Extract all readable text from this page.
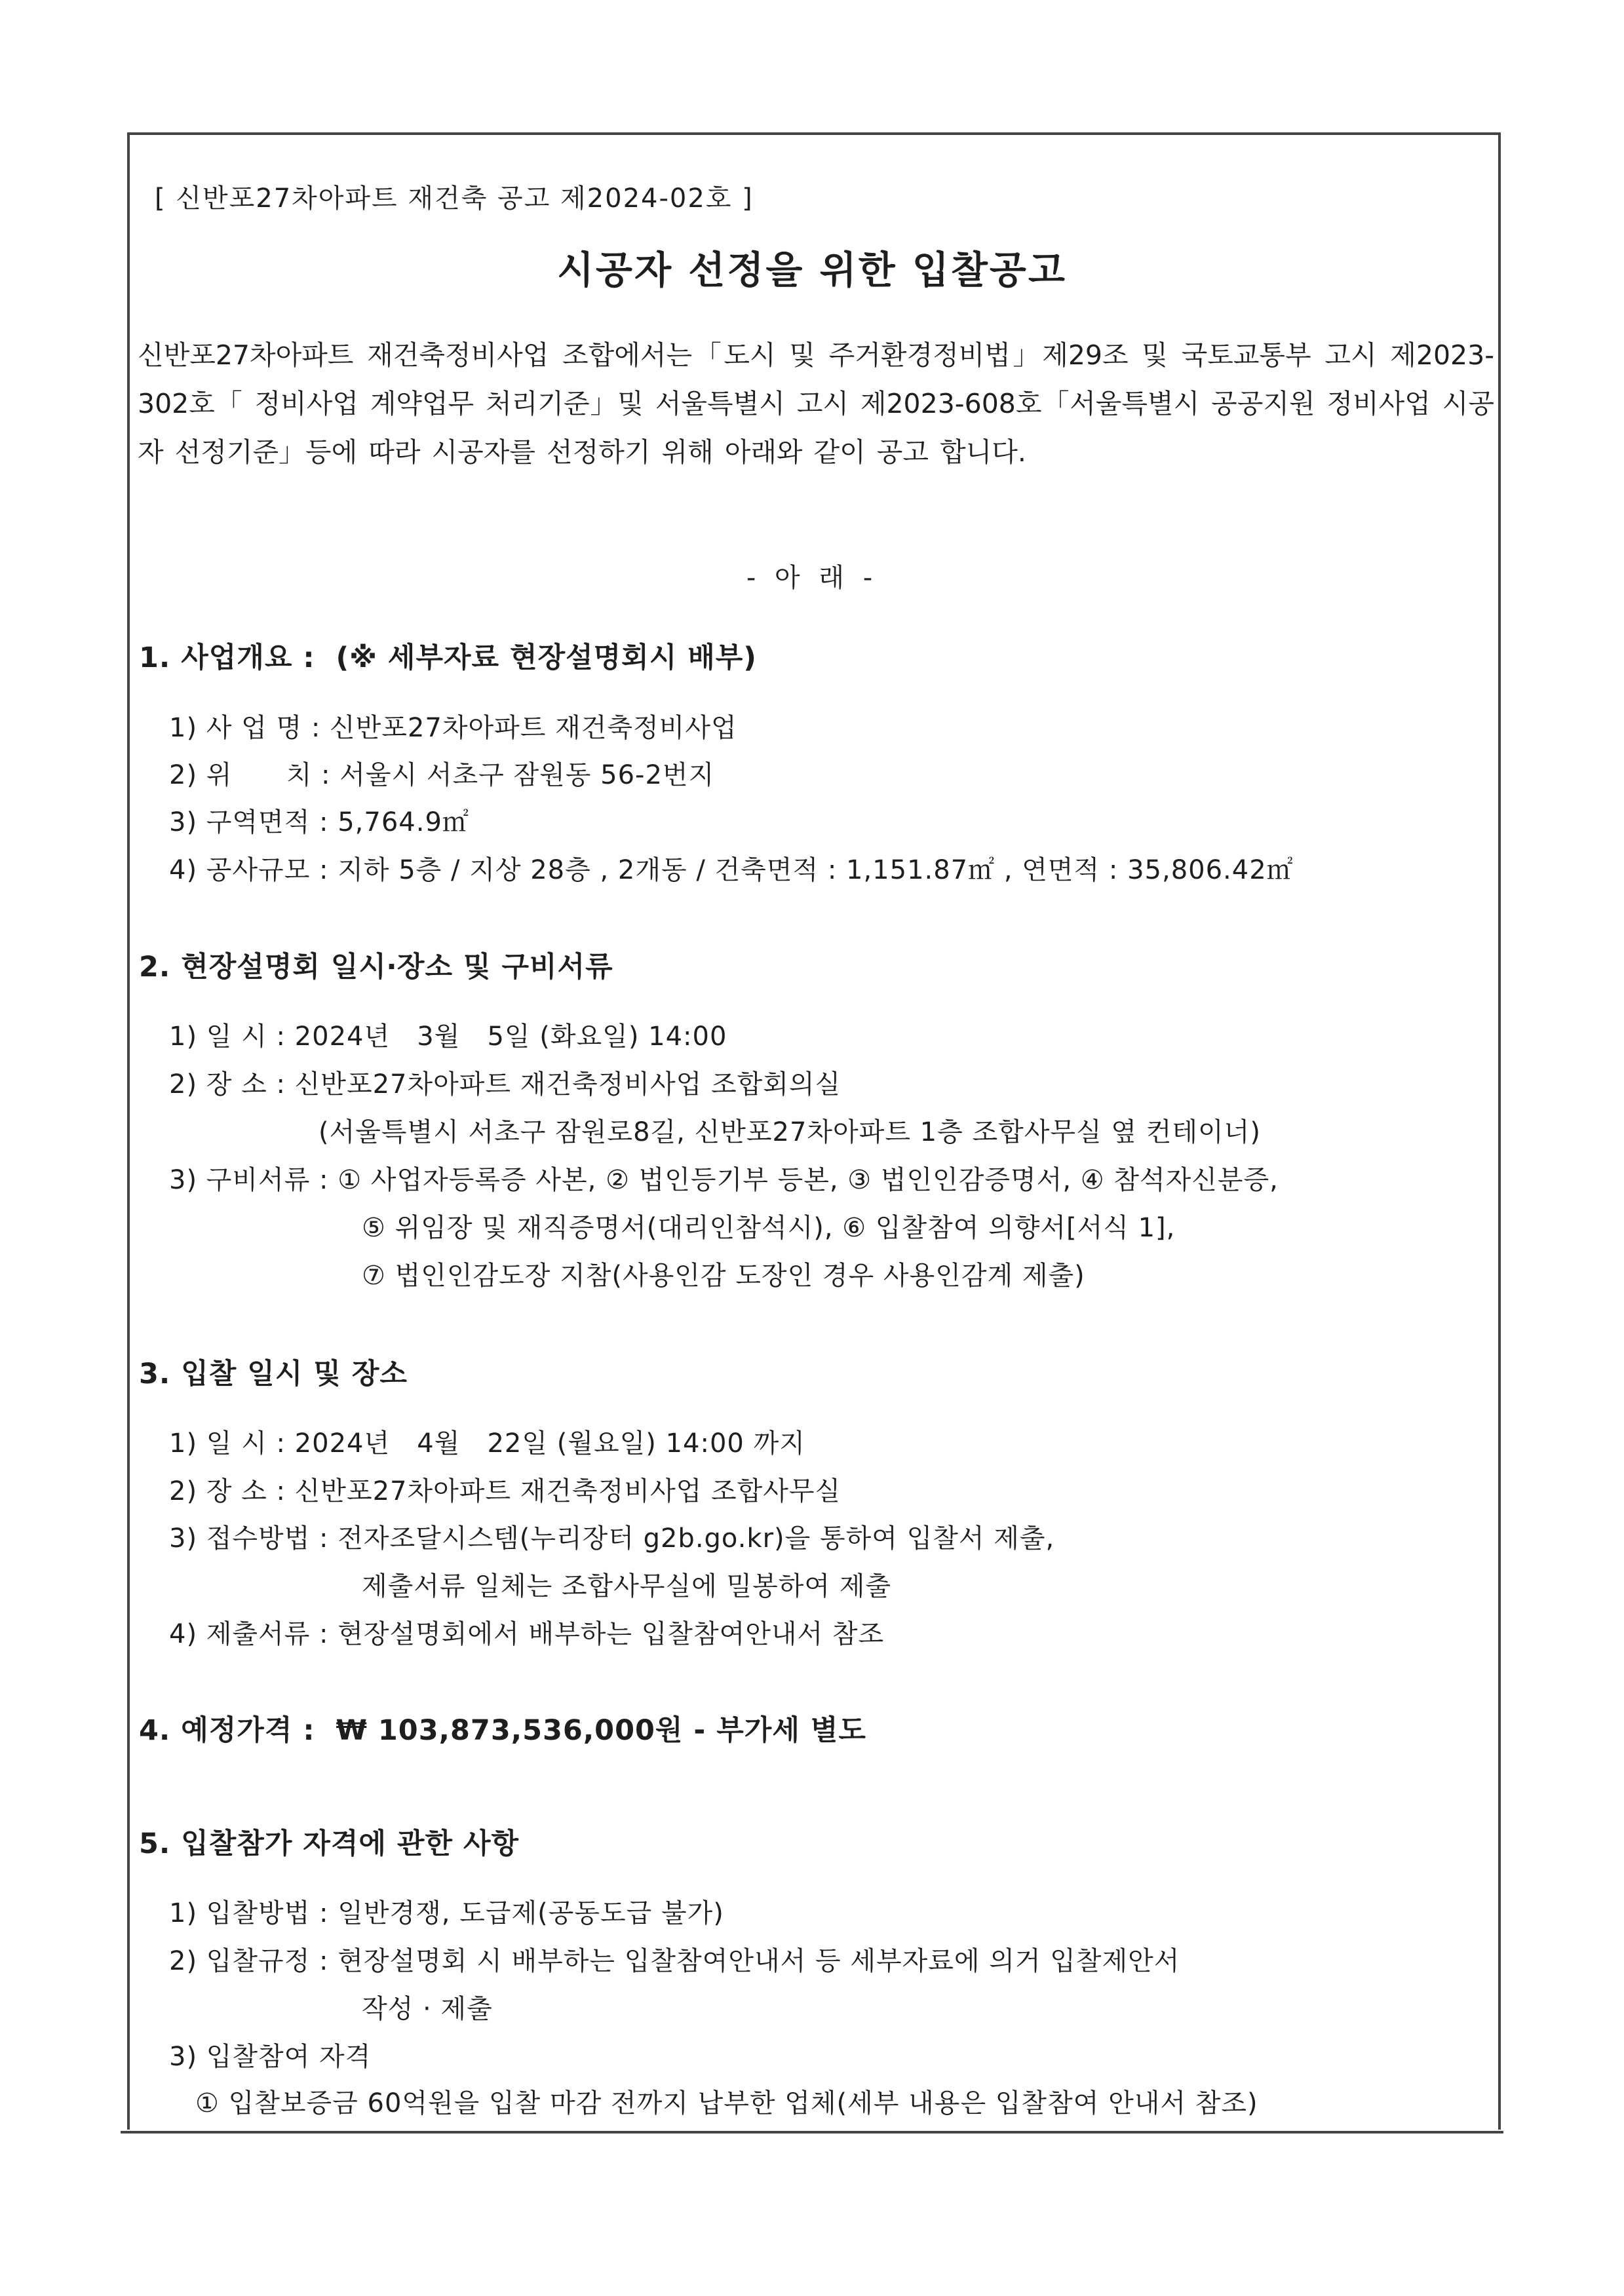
[ 신반포27차아파트 재건축 공고 제2024-02호 ]
시공자 선정을 위한 입찰공고
신반포27차아파트 재건축정비사업 조합에서는「도시 및 주거환경정비법」제29조 및 국토교통부 고시 제2023-302호「 정비사업 계약업무 처리기준」및 서울특별시 고시 제2023-608호「서울특별시 공공지원 정비사업 시공자 선정기준」등에 따라 시공자를 선정하기 위해 아래와 같이 공고 합니다.
- 아 래 -
1. 사업개요 :  (※ 세부자료 현장설명회시 배부)
1) 사 업 명 : 신반포27차아파트 재건축정비사업
2) 위      치 : 서울시 서초구 잠원동 56-2번지
3) 구역면적 : 5,764.9㎡
4) 공사규모 : 지하 5층 / 지상 28층 , 2개동 / 건축면적 : 1,151.87㎡ , 연면적 : 35,806.42㎡
2. 현장설명회 일시‧장소 및 구비서류
1) 일 시 : 2024년   3월   5일 (화요일) 14:00
2) 장 소 : 신반포27차아파트 재건축정비사업 조합회의실
(서울특별시 서초구 잠원로8길, 신반포27차아파트 1층 조합사무실 옆 컨테이너)
3) 구비서류 : ① 사업자등록증 사본, ② 법인등기부 등본, ③ 법인인감증명서, ④ 참석자신분증,
⑤ 위임장 및 재직증명서(대리인참석시), ⑥ 입찰참여 의향서[서식 1],
⑦ 법인인감도장 지참(사용인감 도장인 경우 사용인감계 제출)
3. 입찰 일시 및 장소
1) 일 시 : 2024년   4월   22일 (월요일) 14:00 까지
2) 장 소 : 신반포27차아파트 재건축정비사업 조합사무실
3) 접수방법 : 전자조달시스템(누리장터 g2b.go.kr)을 통하여 입찰서 제출,
제출서류 일체는 조합사무실에 밀봉하여 제출
4) 제출서류 : 현장설명회에서 배부하는 입찰참여안내서 참조
4. 예정가격 :  ₩ 103,873,536,000원 - 부가세 별도
5. 입찰참가 자격에 관한 사항
1) 입찰방법 : 일반경쟁, 도급제(공동도급 불가)
2) 입찰규정 : 현장설명회 시 배부하는 입찰참여안내서 등 세부자료에 의거 입찰제안서
작성 · 제출
3) 입찰참여 자격
① 입찰보증금 60억원을 입찰 마감 전까지 납부한 업체(세부 내용은 입찰참여 안내서 참조)
